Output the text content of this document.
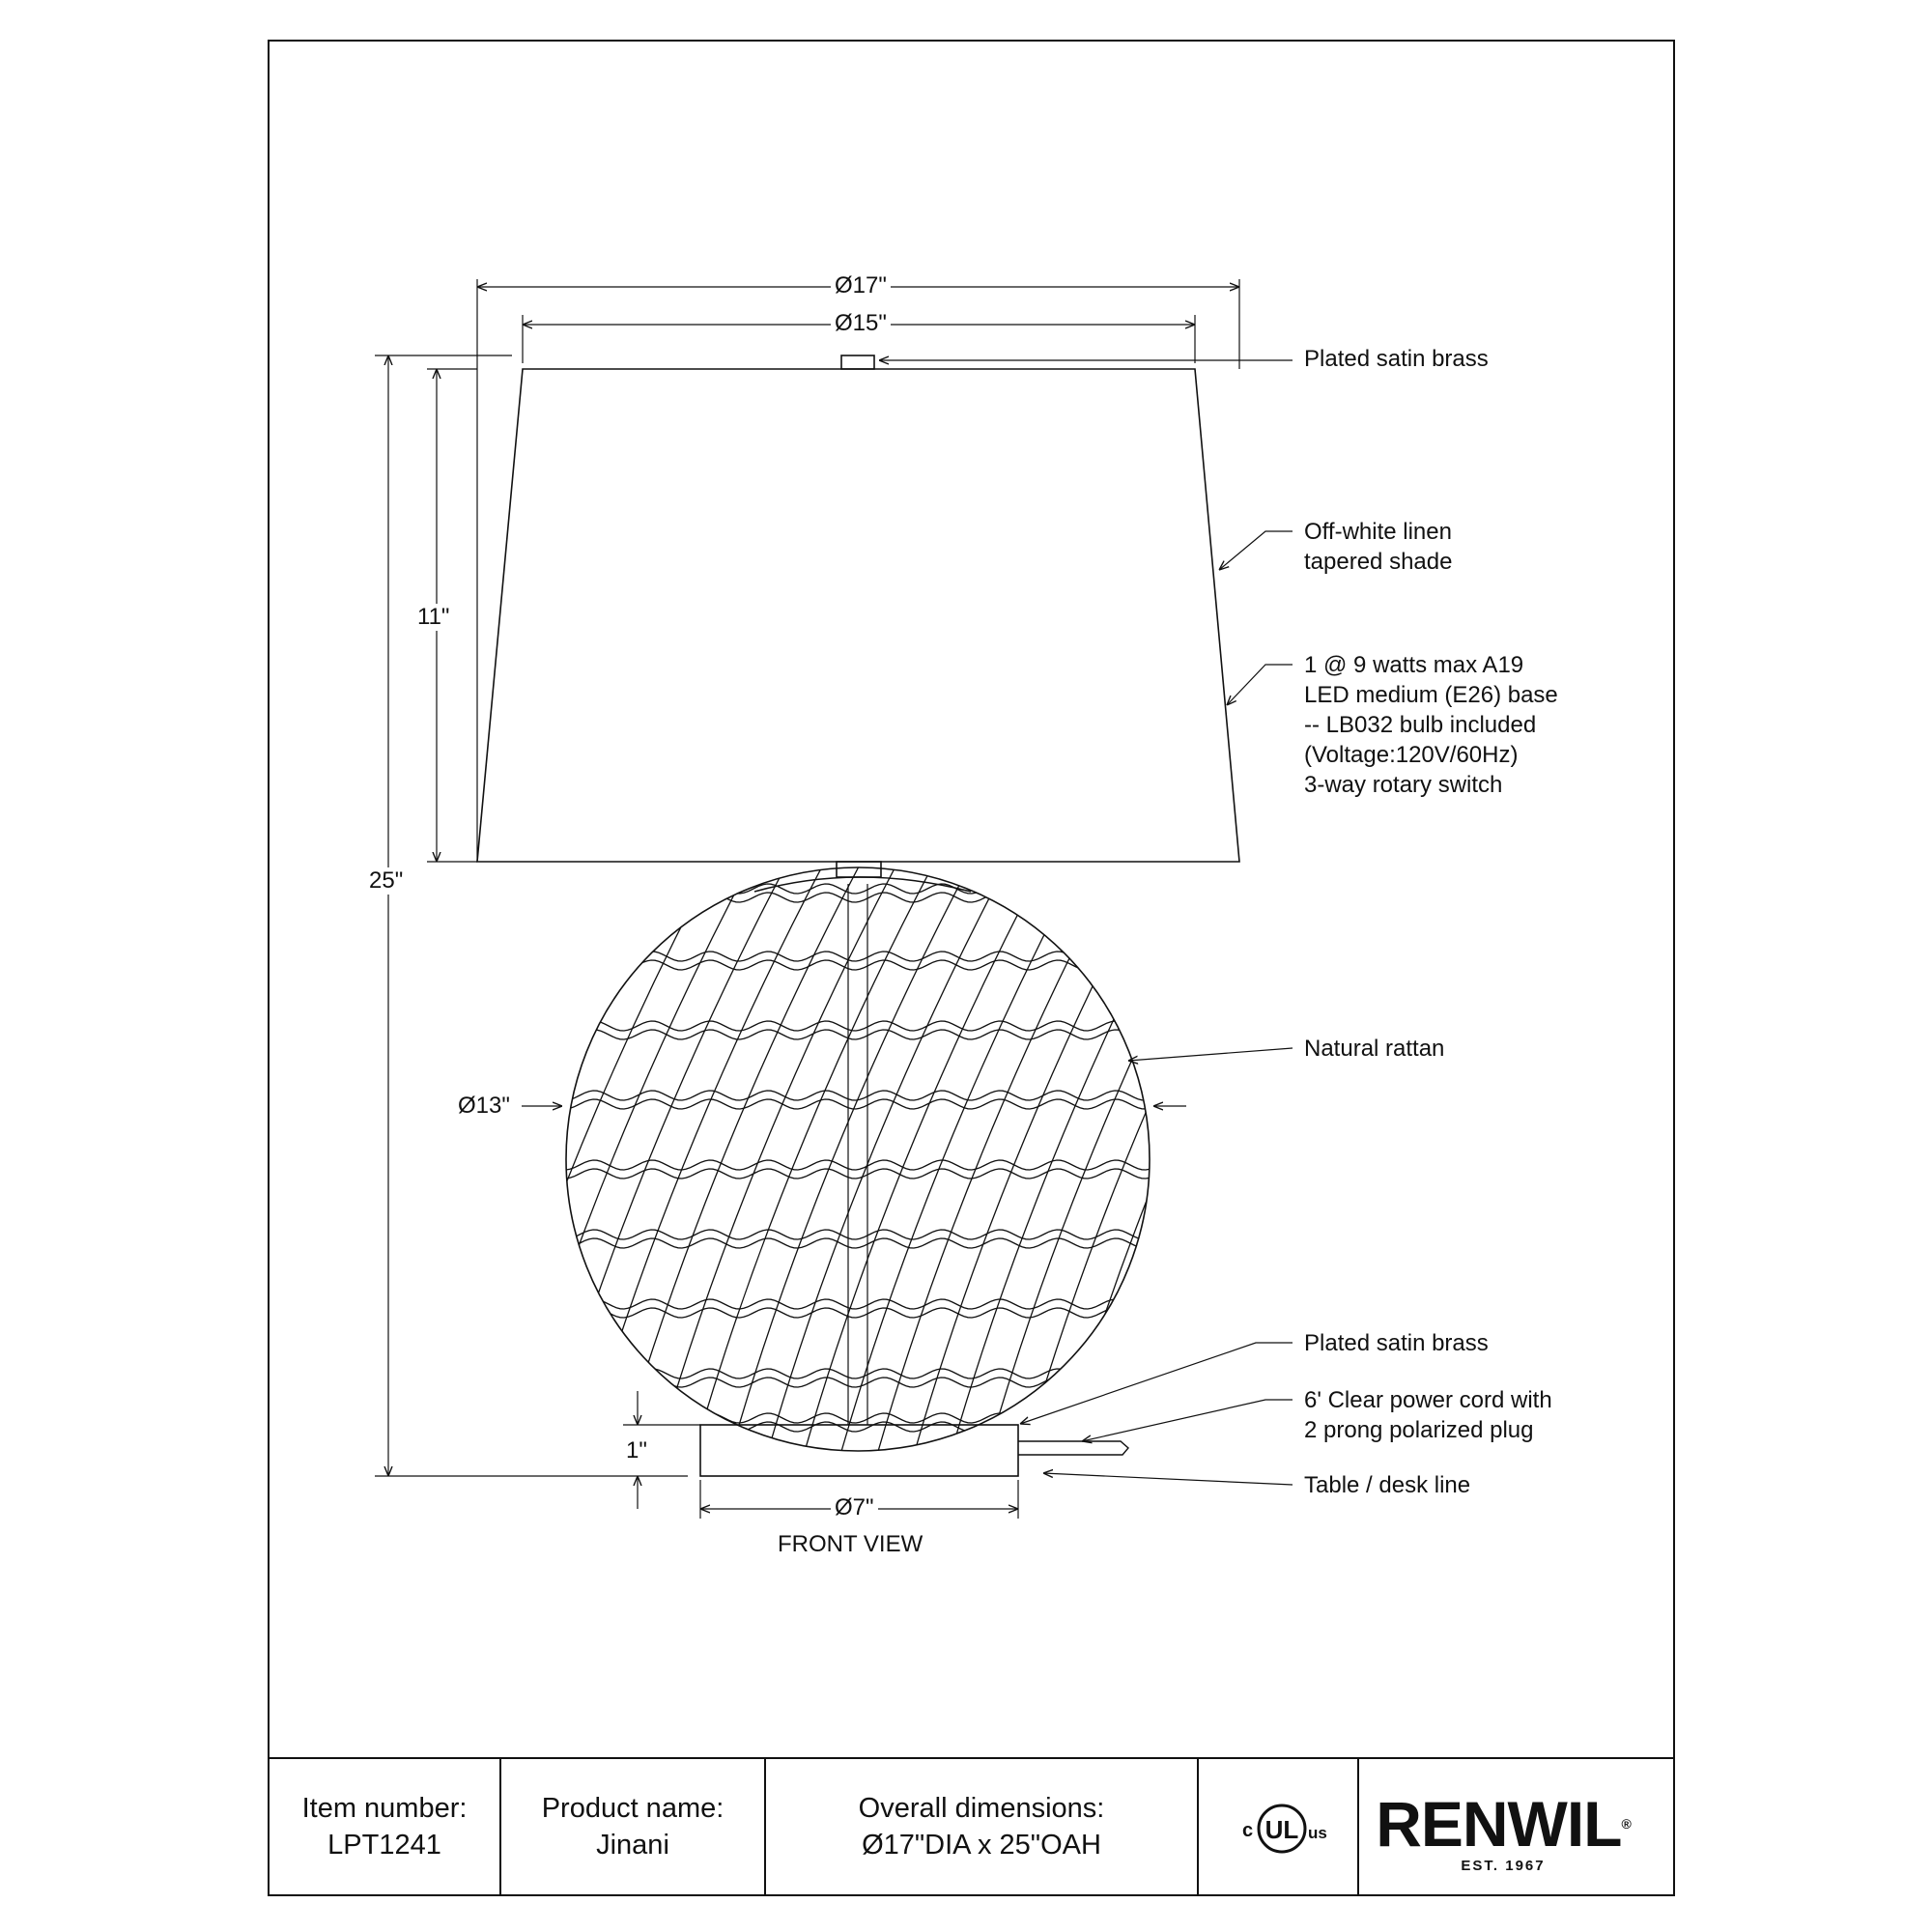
Plated satin brass
Off-white linen
tapered shade
1 @ 9 watts max A19
LED medium (E26) base
-- LB032 bulb included
(Voltage:120V/60Hz)
3-way rotary switch
Natural rattan
Plated satin brass
6' Clear power cord with
2 prong polarized plug
Table / desk line
Ø17"
Ø15"
11"
25"
Ø13"
1"
Ø7"
FRONT VIEW
Item number:
LPT1241
Product name:
Jinani
Overall dimensions:
Ø17"DIA x 25"OAH	c UL us RENWIL®
EST. 1967
